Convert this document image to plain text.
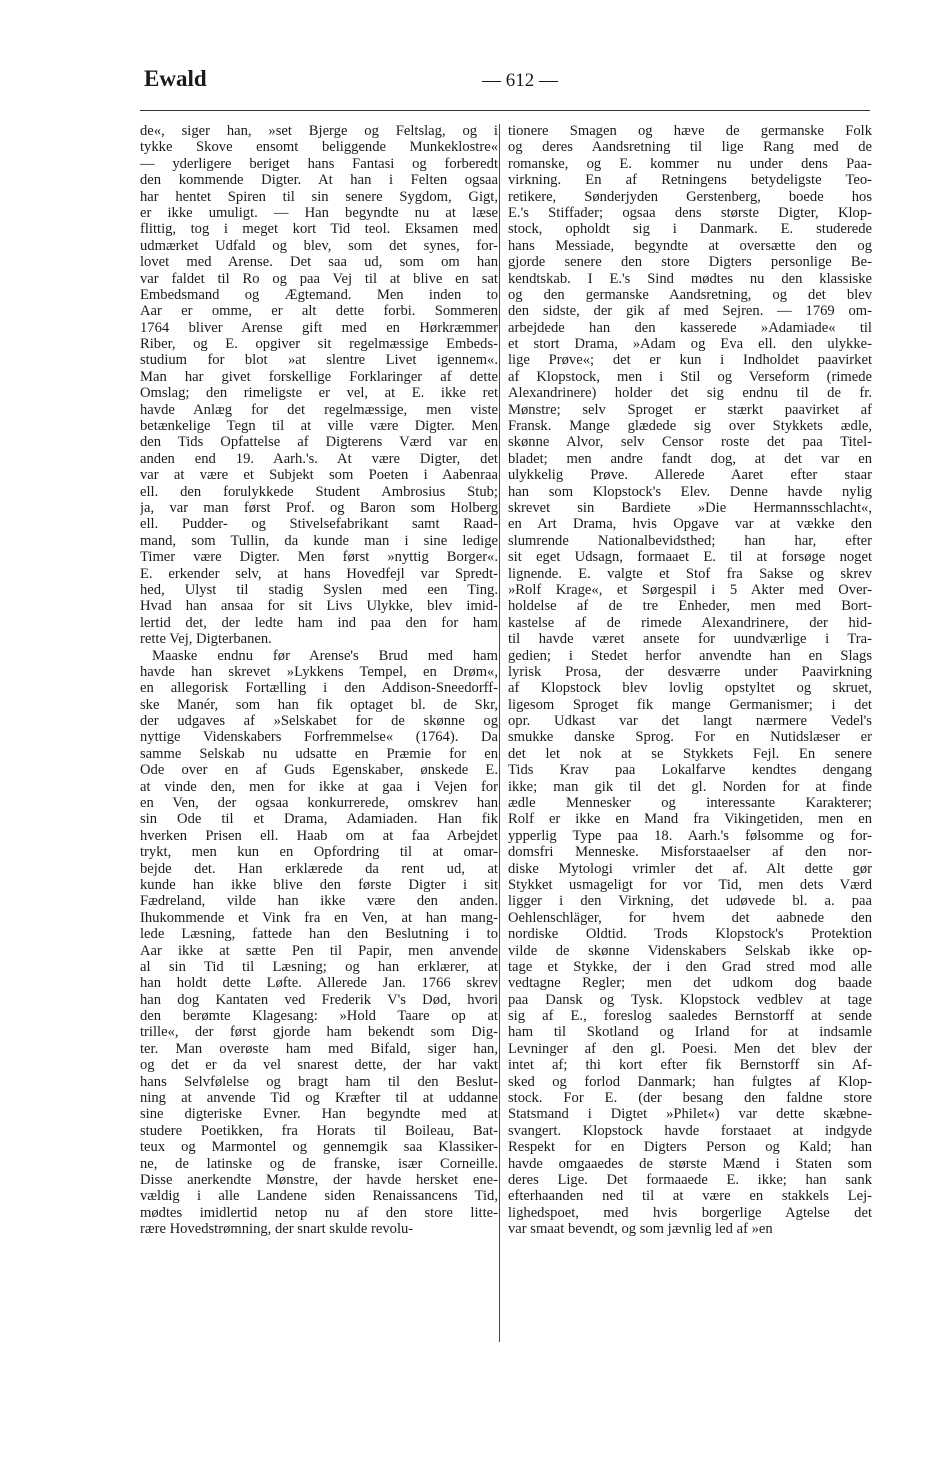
Ewald	— 612 —
de«, siger han, »set Bjerge og Feltslag, og i
tykke Skove ensomt beliggende Munkeklostre«
— yderligere beriget hans Fantasi og forberedt
den kommende Digter. At han i Felten ogsaa
har hentet Spiren til sin senere Sygdom, Gigt,
er ikke umuligt. — Han begyndte nu at læse
flittig, tog i meget kort Tid teol. Eksamen med
udmærket Udfald og blev, som det synes, for-
lovet med Arense. Det saa ud, som om han
var faldet til Ro og paa Vej til at blive en sat
Embedsmand og Ægtemand. Men inden to
Aar er omme, er alt dette forbi. Sommeren
1764 bliver Arense gift med en Hørkræmmer
Riber, og E. opgiver sit regelmæssige Embeds-
studium for blot »at slentre Livet igennem«.
Man har givet forskellige Forklaringer af dette
Omslag; den rimeligste er vel, at E. ikke ret
havde Anlæg for det regelmæssige, men viste
betænkelige Tegn til at ville være Digter. Men
den Tids Opfattelse af Digterens Værd var en
anden end 19. Aarh.'s. At være Digter, det
var at være et Subjekt som Poeten i Aabenraa
ell. den forulykkede Student Ambrosius Stub;
ja, var man først Prof. og Baron som Holberg
ell. Pudder- og Stivelsefabrikant samt Raad-
mand, som Tullin, da kunde man i sine ledige
Timer være Digter. Men først »nyttig Borger«.
E. erkender selv, at hans Hovedfejl var Spredt-
hed, Ulyst til stadig Syslen med een Ting.
Hvad han ansaa for sit Livs Ulykke, blev imid-
lertid det, der ledte ham ind paa den for ham
rette Vej, Digterbanen.
Maaske endnu før Arense's Brud med ham
havde han skrevet »Lykkens Tempel, en Drøm«,
en allegorisk Fortælling i den Addison-Sneedorff-
ske Manér, som han fik optaget bl. de Skr,
der udgaves af »Selskabet for de skønne og
nyttige Videnskabers Forfremmelse« (1764). Da
samme Selskab nu udsatte en Præmie for en
Ode over en af Guds Egenskaber, ønskede E.
at vinde den, men for ikke at gaa i Vejen for
en Ven, der ogsaa konkurrerede, omskrev han
sin Ode til et Drama, Adamiaden. Han fik
hverken Prisen ell. Haab om at faa Arbejdet
trykt, men kun en Opfordring til at omar-
bejde det. Han erklærede da rent ud, at
kunde han ikke blive den første Digter i sit
Fædreland, vilde han ikke være den anden.
Ihukommende et Vink fra en Ven, at han mang-
lede Læsning, fattede han den Beslutning i to
Aar ikke at sætte Pen til Papir, men anvende
al sin Tid til Læsning; og han erklærer, at
han holdt dette Løfte. Allerede Jan. 1766 skrev
han dog Kantaten ved Frederik V's Død, hvori
den berømte Klagesang: »Hold Taare op at
trille«, der først gjorde ham bekendt som Dig-
ter. Man overøste ham med Bifald, siger han,
og det er da vel snarest dette, der har vakt
hans Selvfølelse og bragt ham til den Beslut-
ning at anvende Tid og Kræfter til at uddanne
sine digteriske Evner. Han begyndte med at
studere Poetikken, fra Horats til Boileau, Bat-
teux og Marmontel og gennemgik saa Klassiker-
ne, de latinske og de franske, især Corneille.
Disse anerkendte Mønstre, der havde hersket ene-
vældig i alle Landene siden Renaissancens Tid,
mødtes imidlertid netop nu af den store litte-
rære Hovedstrømning, der snart skulde revolu-
tionere Smagen og hæve de germanske Folk
og deres Aandsretning til lige Rang med de
romanske, og E. kommer nu under dens Paa-
virkning. En af Retningens betydeligste Teo-
retikere, Sønderjyden Gerstenberg, boede hos
E.'s Stiffader; ogsaa dens største Digter, Klop-
stock, opholdt sig i Danmark. E. studerede
hans Messiade, begyndte at oversætte den og
gjorde senere den store Digters personlige Be-
kendtskab. I E.'s Sind mødtes nu den klassiske
og den germanske Aandsretning, og det blev
den sidste, der gik af med Sejren. — 1769 om-
arbejdede han den kasserede »Adamiade« til
et stort Drama, »Adam og Eva ell. den ulykke-
lige Prøve«; det er kun i Indholdet paavirket
af Klopstock, men i Stil og Verseform (rimede
Alexandrinere) holder det sig endnu til de fr.
Mønstre; selv Sproget er stærkt paavirket af
Fransk. Mange glædede sig over Stykkets ædle,
skønne Alvor, selv Censor roste det paa Titel-
bladet; men andre fandt dog, at det var en
ulykkelig Prøve. Allerede Aaret efter staar
han som Klopstock's Elev. Denne havde nylig
skrevet sin Bardiete »Die Hermannsschlacht«,
en Art Drama, hvis Opgave var at vække den
slumrende Nationalbevidsthed; han har, efter
sit eget Udsagn, formaaet E. til at forsøge noget
lignende. E. valgte et Stof fra Sakse og skrev
»Rolf Krage«, et Sørgespil i 5 Akter med Over-
holdelse af de tre Enheder, men med Bort-
kastelse af de rimede Alexandrinere, der hid-
til havde været ansete for uundværlige i Tra-
gedien; i Stedet herfor anvendte han en Slags
lyrisk Prosa, der desværre under Paavirkning
af Klopstock blev lovlig opstyltet og skruet,
ligesom Sproget fik mange Germanismer; i det
opr. Udkast var det langt nærmere Vedel's
smukke danske Sprog. For en Nutidslæser er
det let nok at se Stykkets Fejl. En senere
Tids Krav paa Lokalfarve kendtes dengang
ikke; man gik til det gl. Norden for at finde
ædle Mennesker og interessante Karakterer;
Rolf er ikke en Mand fra Vikingetiden, men en
ypperlig Type paa 18. Aarh.'s følsomme og for-
domsfri Menneske. Misforstaaelser af den nor-
diske Mytologi vrimler det af. Alt dette gør
Stykket usmageligt for vor Tid, men dets Værd
ligger i den Virkning, det udøvede bl. a. paa
Oehlenschläger, for hvem det aabnede den
nordiske Oldtid. Trods Klopstock's Protektion
vilde de skønne Videnskabers Selskab ikke op-
tage et Stykke, der i den Grad stred mod alle
vedtagne Regler; men det udkom dog baade
paa Dansk og Tysk. Klopstock vedblev at tage
sig af E., foreslog saaledes Bernstorff at sende
ham til Skotland og Irland for at indsamle
Levninger af den gl. Poesi. Men det blev der
intet af; thi kort efter fik Bernstorff sin Af-
sked og forlod Danmark; han fulgtes af Klop-
stock. For E. (der besang den faldne store
Statsmand i Digtet »Philet«) var dette skæbne-
svangert. Klopstock havde forstaaet at indgyde
Respekt for en Digters Person og Kald; han
havde omgaaedes de største Mænd i Staten som
deres Lige. Det formaaede E. ikke; han sank
efterhaanden ned til at være en stakkels Lej-
lighedspoet, med hvis borgerlige Agtelse det
var smaat bevendt, og som jævnlig led af »en
